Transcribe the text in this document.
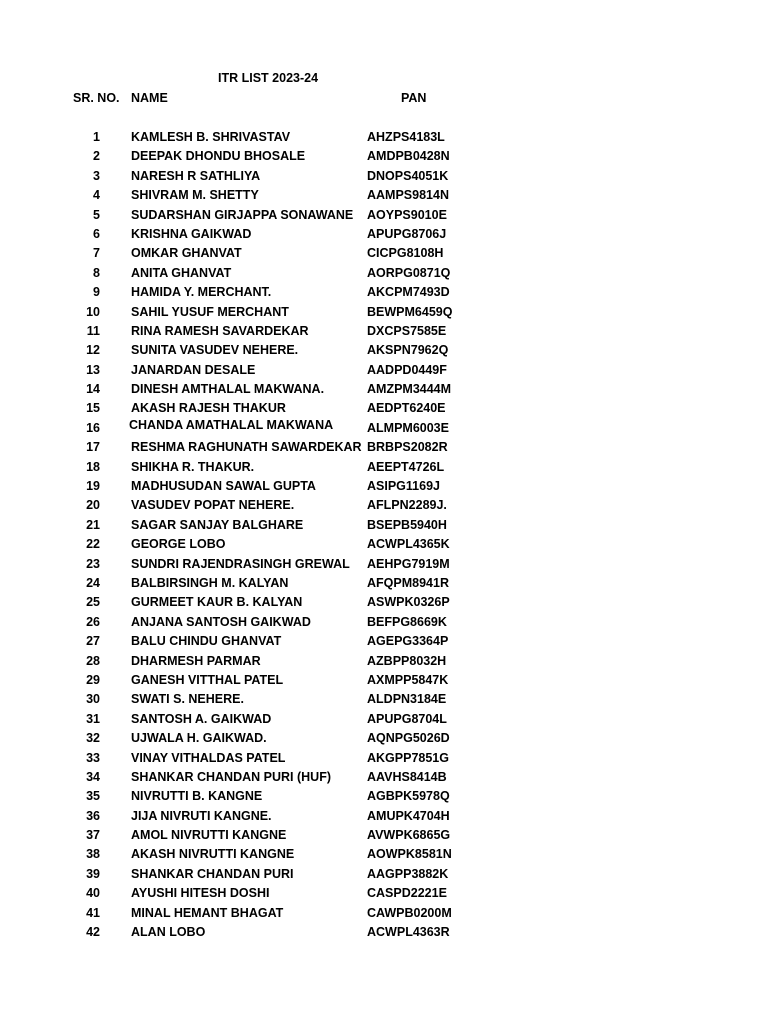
ITR LIST 2023-24
SR. NO. NAME	PAN
1 KAMLESH B. SHRIVASTAV	AHZPS4183L
2 DEEPAK DHONDU BHOSALE	AMDPB0428N
3 NARESH R SATHLIYA	DNOPS4051K
4 SHIVRAM M. SHETTY	AAMPS9814N
5 SUDARSHAN GIRJAPPA SONAWANE AOYPS9010E
6 KRISHNA GAIKWAD	APUPG8706J
7 OMKAR GHANVAT	CICPG8108H
8 ANITA GHANVAT	AORPG0871Q
9 HAMIDA Y. MERCHANT.	AKCPM7493D
10 SAHIL YUSUF MERCHANT	BEWPM6459Q
11 RINA RAMESH SAVARDEKAR	DXCPS7585E
12 SUNITA VASUDEV NEHERE.	AKSPN7962Q
13 JANARDAN DESALE	AADPD0449F
14 DINESH AMTHALAL MAKWANA.	AMZPM3444M
15 AKASH RAJESH THAKUR	AEDPT6240E
16 CHANDA AMATHALAL MAKWANA	ALMPM6003E
17 RESHMA RAGHUNATH SAWARDEKAR BRBPS2082R
18 SHIKHA R. THAKUR.	AEEPT4726L
19 MADHUSUDAN SAWAL GUPTA	ASIPG1169J
20 VASUDEV POPAT NEHERE.	AFLPN2289J.
21 SAGAR SANJAY BALGHARE	BSEPB5940H
22 GEORGE LOBO	ACWPL4365K
23 SUNDRI RAJENDRASINGH GREWAL AEHPG7919M
24 BALBIRSINGH M. KALYAN	AFQPM8941R
25 GURMEET KAUR B. KALYAN	ASWPK0326P
26 ANJANA SANTOSH GAIKWAD	BEFPG8669K
27 BALU CHINDU GHANVAT	AGEPG3364P
28 DHARMESH PARMAR	AZBPP8032H
29 GANESH VITTHAL PATEL	AXMPP5847K
30 SWATI S. NEHERE.	ALDPN3184E
31 SANTOSH A. GAIKWAD	APUPG8704L
32 UJWALA H. GAIKWAD.	AQNPG5026D
33 VINAY VITHALDAS PATEL	AKGPP7851G
34 SHANKAR CHANDAN PURI (HUF)	AAVHS8414B
35 NIVRUTTI B. KANGNE	AGBPK5978Q
36 JIJA NIVRUTI KANGNE.	AMUPK4704H
37 AMOL NIVRUTTI KANGNE	AVWPK6865G
38 AKASH NIVRUTTI KANGNE	AOWPK8581N
39 SHANKAR CHANDAN PURI	AAGPP3882K
40 AYUSHI HITESH DOSHI	CASPD2221E
41 MINAL HEMANT BHAGAT	CAWPB0200M
42 ALAN LOBO	ACWPL4363R
